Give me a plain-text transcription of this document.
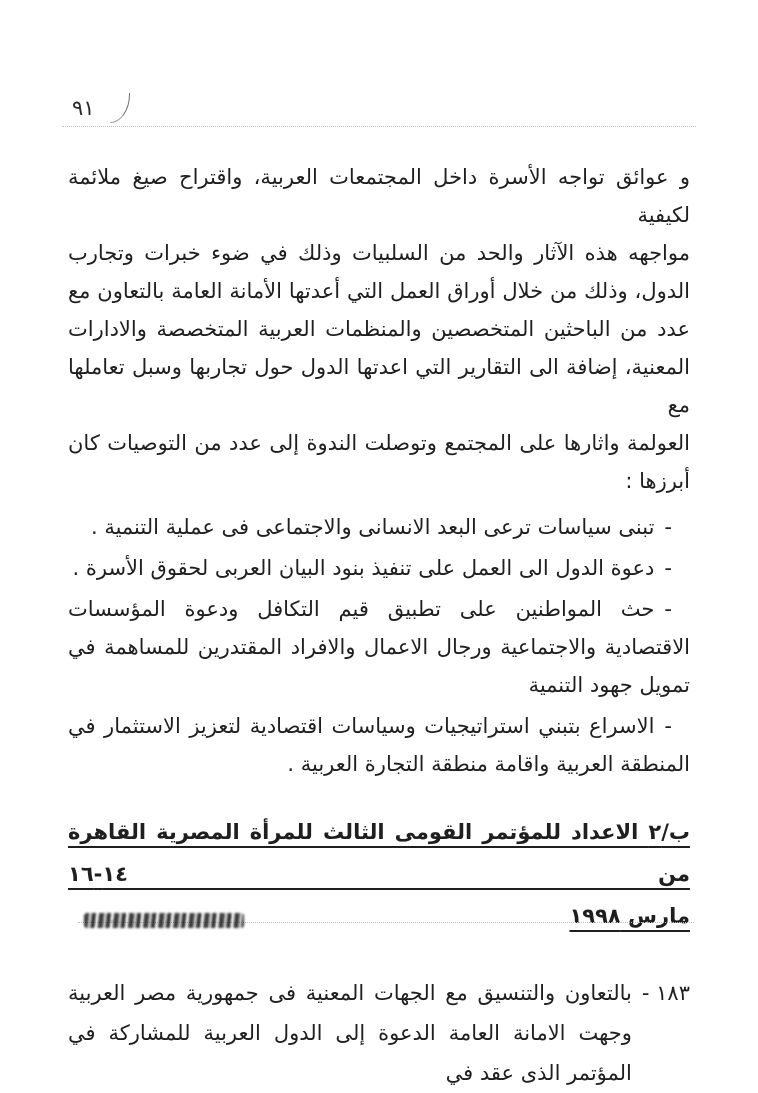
٩١
و عوائق تواجه الأسرة داخل المجتمعات العربية، واقتراح صيغ ملائمة لكيفية
مواجهه هذه الآثار والحد من السلبيات وذلك في ضوء خبرات وتجارب
الدول، وذلك من خلال أوراق العمل التي أعدتها الأمانة العامة بالتعاون مع
عدد من الباحثين المتخصصين والمنظمات العربية المتخصصة والادارات
المعنية، إضافة الى التقارير التي اعدتها الدول حول تجاربها وسبل تعاملها مع
العولمة واثارها على المجتمع وتوصلت الندوة إلى عدد من التوصيات كان
أبرزها :
-تبنى سياسات ترعى البعد الانسانى والاجتماعى فى عملية التنمية .
-دعوة الدول الى العمل على تنفيذ بنود البيان العربى لحقوق الأسرة .
-حث المواطنين على تطبيق قيم التكافل ودعوة المؤسسات الاقتصادية والاجتماعية ورجال الاعمال والافراد المقتدرين للمساهمة في تمويل جهود التنمية
-الاسراع بتبني استراتيجيات وسياسات اقتصادية لتعزيز الاستثمار في المنطقة العربية واقامة منطقة التجارة العربية .
ب/٢ الاعداد للمؤتمر القومى الثالث للمرأة المصرية القاهرة من ١٤-١٦
مارس ١٩٩٨
١٨٣ -
بالتعاون والتنسيق مع الجهات المعنية فى جمهورية مصر العربية وجهت الامانة العامة الدعوة إلى الدول العربية للمشاركة في المؤتمر الذى عقد في
